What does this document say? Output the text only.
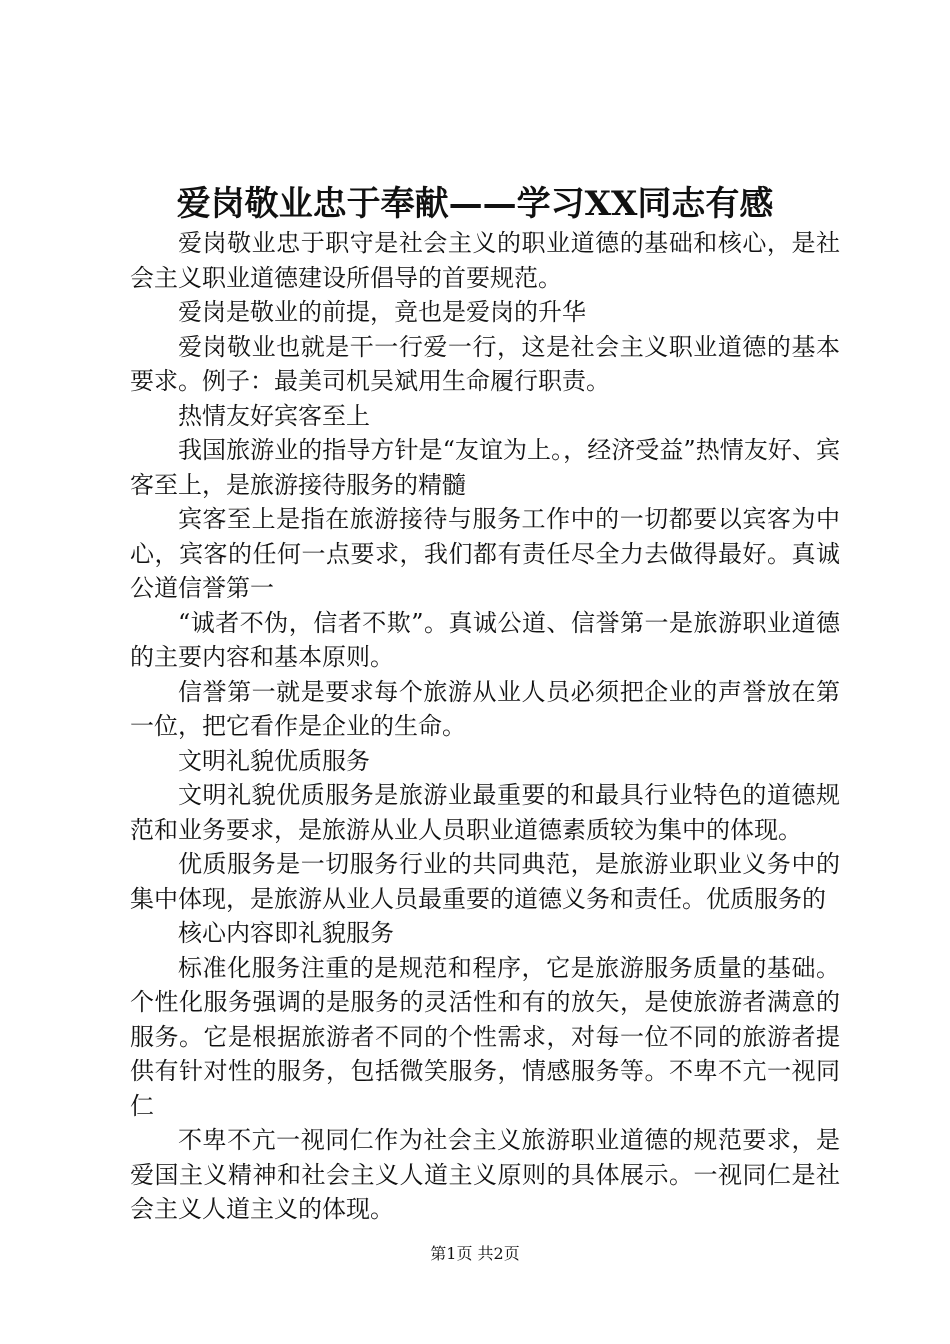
爱岗敬业忠于奉献——学习XX同志有感

爱岗敬业忠于职守是社会主义的职业道德的基础和核心，是社会主义职业道德建设所倡导的首要规范。

爱岗是敬业的前提，竟也是爱岗的升华

爱岗敬业也就是干一行爱一行，这是社会主义职业道德的基本要求。例子：最美司机吴斌用生命履行职责。

热情友好宾客至上

我国旅游业的指导方针是“友谊为上。，经济受益”热情友好、宾客至上，是旅游接待服务的精髓

宾客至上是指在旅游接待与服务工作中的一切都要以宾客为中心，宾客的任何一点要求，我们都有责任尽全力去做得最好。真诚公道信誉第一

“诚者不伪，信者不欺”。真诚公道、信誉第一是旅游职业道德的主要内容和基本原则。

信誉第一就是要求每个旅游从业人员必须把企业的声誉放在第一位，把它看作是企业的生命。

文明礼貌优质服务

文明礼貌优质服务是旅游业最重要的和最具行业特色的道德规范和业务要求，是旅游从业人员职业道德素质较为集中的体现。

优质服务是一切服务行业的共同典范，是旅游业职业义务中的集中体现，是旅游从业人员最重要的道德义务和责任。优质服务的

核心内容即礼貌服务

标准化服务注重的是规范和程序，它是旅游服务质量的基础。个性化服务强调的是服务的灵活性和有的放矢，是使旅游者满意的服务。它是根据旅游者不同的个性需求，对每一位不同的旅游者提供有针对性的服务，包括微笑服务，情感服务等。不卑不亢一视同仁

不卑不亢一视同仁作为社会主义旅游职业道德的规范要求，是爱国主义精神和社会主义人道主义原则的具体展示。一视同仁是社会主义人道主义的体现。

第1页 共2页
